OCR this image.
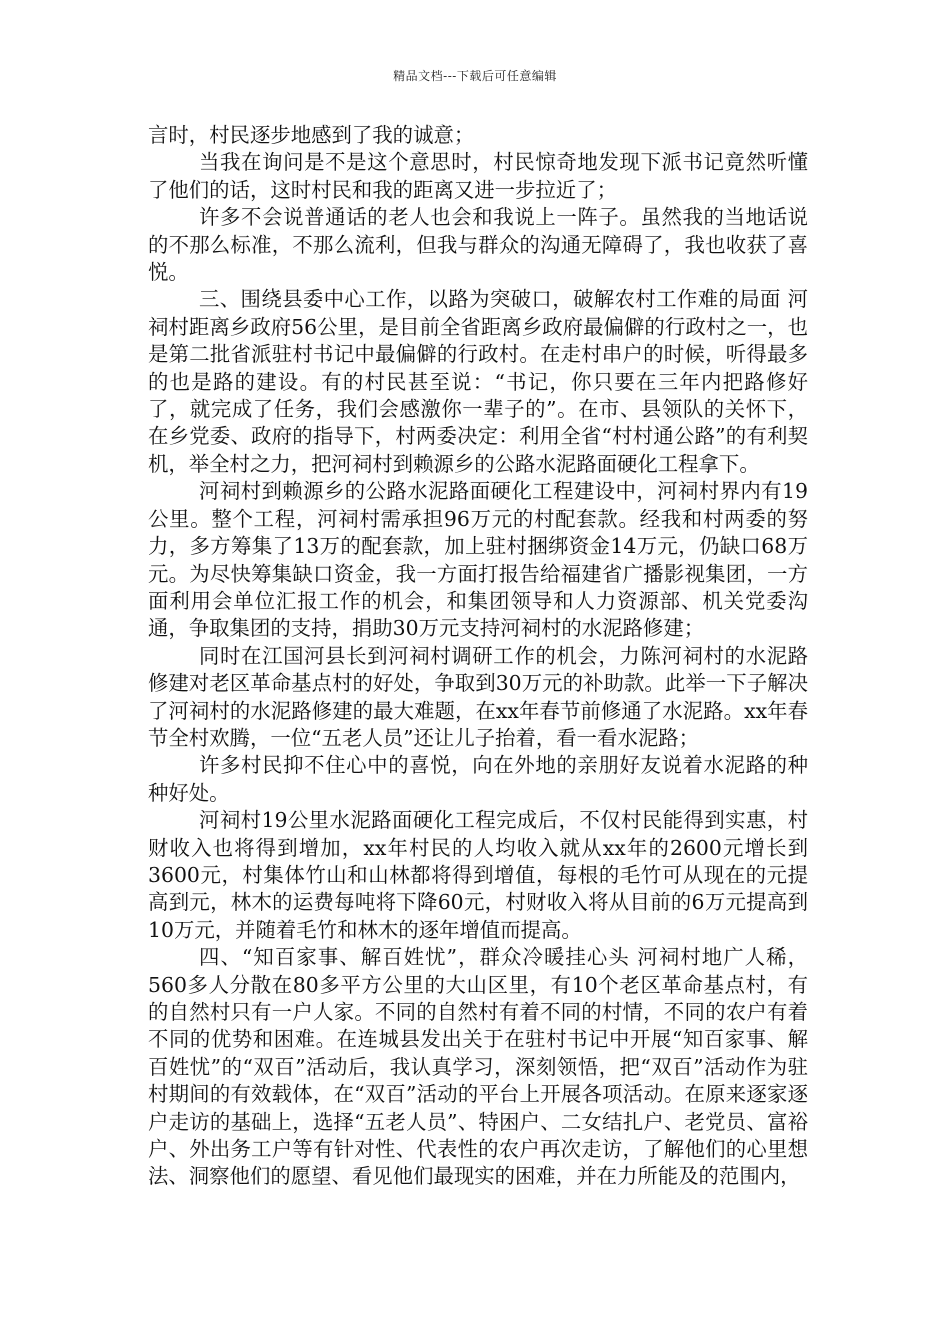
精品文档---下载后可任意编辑

言时，村民逐步地感到了我的诚意；

当我在询问是不是这个意思时，村民惊奇地发现下派书记竟然听懂了他们的话，这时村民和我的距离又进一步拉近了；

许多不会说普通话的老人也会和我说上一阵子。虽然我的当地话说的不那么标准，不那么流利，但我与群众的沟通无障碍了，我也收获了喜悦。

三、围绕县委中心工作，以路为突破口，破解农村工作难的局面 河祠村距离乡政府56公里，是目前全省距离乡政府最偏僻的行政村之一，也是第二批省派驻村书记中最偏僻的行政村。在走村串户的时候，听得最多的也是路的建设。有的村民甚至说：“书记，你只要在三年内把路修好了，就完成了任务，我们会感激你一辈子的”。在市、县领队的关怀下，在乡党委、政府的指导下，村两委决定：利用全省“村村通公路”的有利契机，举全村之力，把河祠村到赖源乡的公路水泥路面硬化工程拿下。

河祠村到赖源乡的公路水泥路面硬化工程建设中，河祠村界内有19公里。整个工程，河祠村需承担96万元的村配套款。经我和村两委的努力，多方筹集了13万的配套款，加上驻村捆绑资金14万元，仍缺口68万元。为尽快筹集缺口资金，我一方面打报告给福建省广播影视集团，一方面利用会单位汇报工作的机会，和集团领导和人力资源部、机关党委沟通，争取集团的支持，捐助30万元支持河祠村的水泥路修建；

同时在江国河县长到河祠村调研工作的机会，力陈河祠村的水泥路修建对老区革命基点村的好处，争取到30万元的补助款。此举一下子解决了河祠村的水泥路修建的最大难题，在xx年春节前修通了水泥路。xx年春节全村欢腾，一位“五老人员”还让儿子抬着，看一看水泥路；

许多村民抑不住心中的喜悦，向在外地的亲朋好友说着水泥路的种种好处。

河祠村19公里水泥路面硬化工程完成后，不仅村民能得到实惠，村财收入也将得到增加，xx年村民的人均收入就从xx年的2600元增长到3600元，村集体竹山和山林都将得到增值，每根的毛竹可从现在的元提高到元，林木的运费每吨将下降60元，村财收入将从目前的6万元提高到10万元，并随着毛竹和林木的逐年增值而提高。

四、“知百家事、解百姓忧”，群众冷暖挂心头 河祠村地广人稀，560多人分散在80多平方公里的大山区里，有10个老区革命基点村，有的自然村只有一户人家。不同的自然村有着不同的村情，不同的农户有着不同的优势和困难。在连城县发出关于在驻村书记中开展“知百家事、解百姓忧”的“双百”活动后，我认真学习，深刻领悟，把“双百”活动作为驻村期间的有效载体，在“双百”活动的平台上开展各项活动。在原来逐家逐户走访的基础上，选择“五老人员”、特困户、二女结扎户、老党员、富裕户、外出务工户等有针对性、代表性的农户再次走访，了解他们的心里想法、洞察他们的愿望、看见他们最现实的困难，并在力所能及的范围内，
